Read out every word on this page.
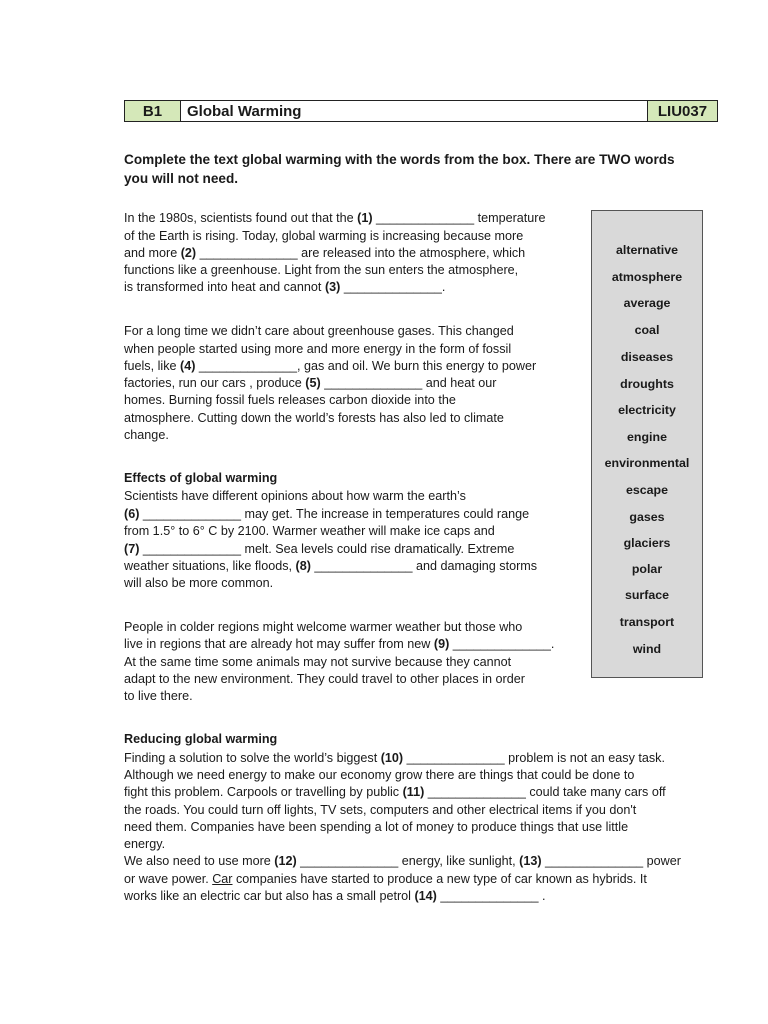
B1	Global Warming	LIU037
Complete the text global warming with the words from the box. There are TWO words you will not need.
In the 1980s, scientists found out that the (1) ______________ temperature
of the Earth is rising. Today, global warming is increasing because more
and more (2) ______________ are released into the atmosphere, which
functions like a greenhouse. Light from the sun enters the atmosphere,
is transformed into heat and cannot (3) ______________.
For a long time we didn’t care about greenhouse gases. This changed
when people started using more and more energy in the form of fossil
fuels, like (4) ______________, gas and oil. We burn this energy to power
factories, run our cars , produce (5) ______________ and heat our
homes. Burning fossil fuels releases carbon dioxide into the
atmosphere. Cutting down the world’s forests has also led to climate
change.
Effects of global warming
Scientists have different opinions about how warm the earth’s
(6) ______________ may get. The increase in temperatures could range
from 1.5° to 6° C by 2100. Warmer weather will make ice caps and
(7) ______________ melt. Sea levels could rise dramatically. Extreme
weather situations, like floods, (8) ______________ and damaging storms
will also be more common.
People in colder regions might welcome warmer weather but those who
live in regions that are already hot may suffer from new (9) ______________.
At the same time some animals may not survive because they cannot
adapt to the new environment. They could travel to other places in order
to live there.
Reducing global warming
Finding a solution to solve the world’s biggest (10) ______________ problem is not an easy task.
Although we need energy to make our economy grow there are things that could be done to
fight this problem. Carpools or travelling by public (11) ______________ could take many cars off
the roads. You could turn off lights, TV sets, computers and other electrical items if you don't
need them. Companies have been spending a lot of money to produce things that use little
energy.
We also need to use more (12) ______________ energy, like sunlight, (13) ______________ power
or wave power. Car companies have started to produce a new type of car known as hybrids. It
works like an electric car but also has a small petrol (14) ______________ .
alternative
atmosphere
average
coal
diseases
droughts
electricity
engine
environmental
escape
gases
glaciers
polar
surface
transport
wind
